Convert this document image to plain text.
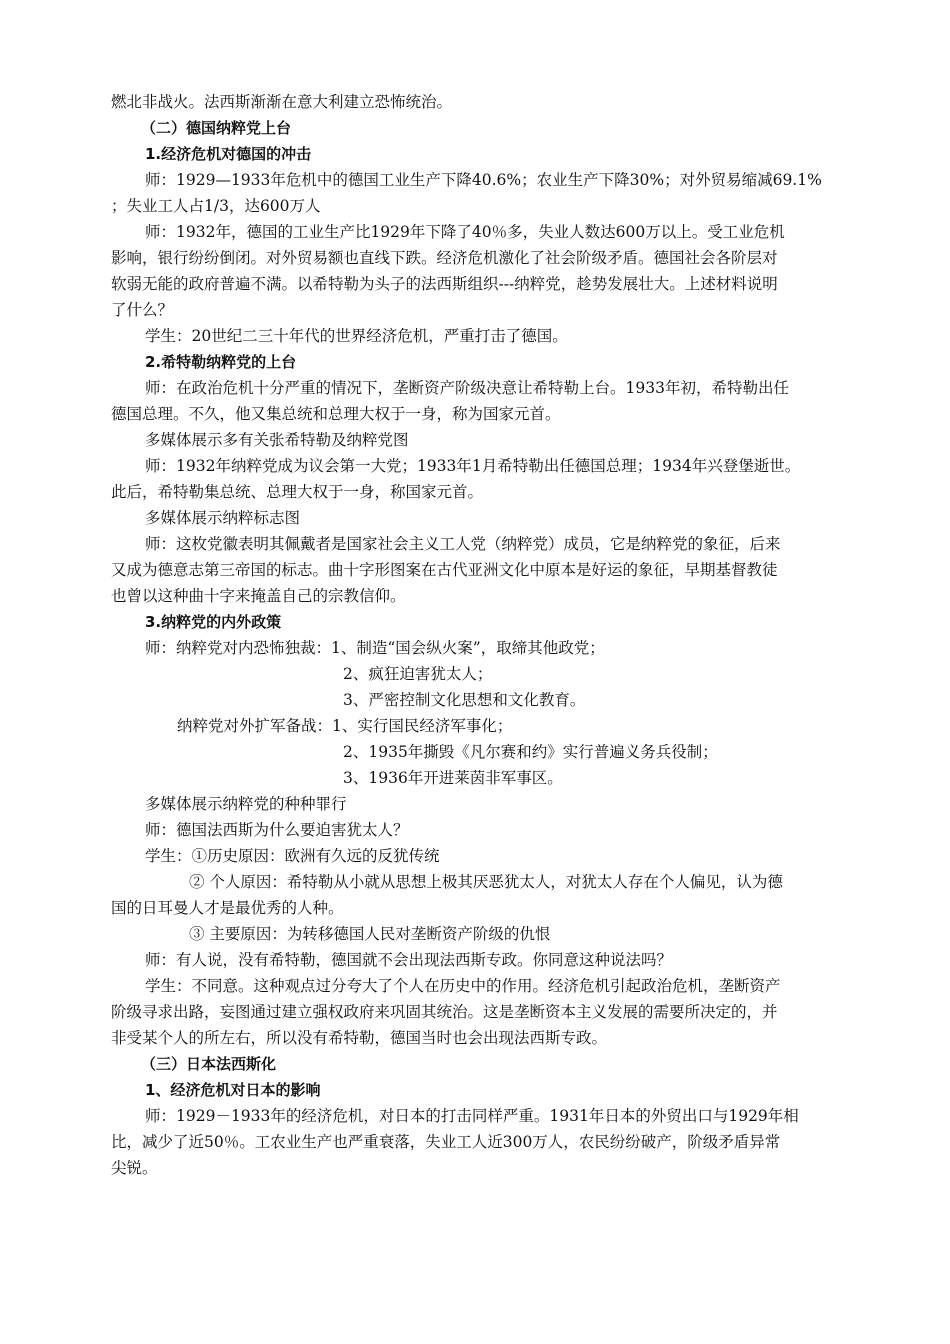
燃北非战火。法西斯渐渐在意大利建立恐怖统治。
（二）德国纳粹党上台
1.经济危机对德国的冲击
师：1929—1933年危机中的德国工业生产下降40.6%；农业生产下降30%；对外贸易缩减69.1%
；失业工人占1/3，达600万人
师：1932年，德国的工业生产比1929年下降了40％多，失业人数达600万以上。受工业危机
影响，银行纷纷倒闭。对外贸易额也直线下跌。经济危机激化了社会阶级矛盾。德国社会各阶层对
软弱无能的政府普遍不满。以希特勒为头子的法西斯组织---纳粹党，趁势发展壮大。上述材料说明
了什么？
学生：20世纪二三十年代的世界经济危机，严重打击了德国。
2.希特勒纳粹党的上台
师：在政治危机十分严重的情况下，垄断资产阶级决意让希特勒上台。1933年初，希特勒出任
德国总理。不久，他又集总统和总理大权于一身，称为国家元首。
多媒体展示多有关张希特勒及纳粹党图
师：1932年纳粹党成为议会第一大党；1933年1月希特勒出任德国总理；1934年兴登堡逝世。
此后，希特勒集总统、总理大权于一身，称国家元首。
多媒体展示纳粹标志图
师：这枚党徽表明其佩戴者是国家社会主义工人党（纳粹党）成员，它是纳粹党的象征，后来
又成为德意志第三帝国的标志。曲十字形图案在古代亚洲文化中原本是好运的象征，早期基督教徒
也曾以这种曲十字来掩盖自己的宗教信仰。
3.纳粹党的内外政策
师：纳粹党对内恐怖独裁：1、制造“国会纵火案”，取缔其他政党；
2、疯狂迫害犹太人；
3、严密控制文化思想和文化教育。
纳粹党对外扩军备战：1、实行国民经济军事化；
2、1935年撕毁《凡尔赛和约》实行普遍义务兵役制；
3、1936年开进莱茵非军事区。
多媒体展示纳粹党的种种罪行
师：德国法西斯为什么要迫害犹太人？
学生：①历史原因：欧洲有久远的反犹传统
② 个人原因：希特勒从小就从思想上极其厌恶犹太人，对犹太人存在个人偏见，认为德
国的日耳曼人才是最优秀的人种。
③ 主要原因：为转移德国人民对垄断资产阶级的仇恨
师：有人说，没有希特勒，德国就不会出现法西斯专政。你同意这种说法吗？
学生：不同意。这种观点过分夸大了个人在历史中的作用。经济危机引起政治危机，垄断资产
阶级寻求出路，妄图通过建立强权政府来巩固其统治。这是垄断资本主义发展的需要所决定的，并
非受某个人的所左右，所以没有希特勒，德国当时也会出现法西斯专政。
（三）日本法西斯化
1、经济危机对日本的影响
师：1929－1933年的经济危机，对日本的打击同样严重。1931年日本的外贸出口与1929年相
比，减少了近50％。工农业生产也严重衰落，失业工人近300万人，农民纷纷破产，阶级矛盾异常
尖锐。
